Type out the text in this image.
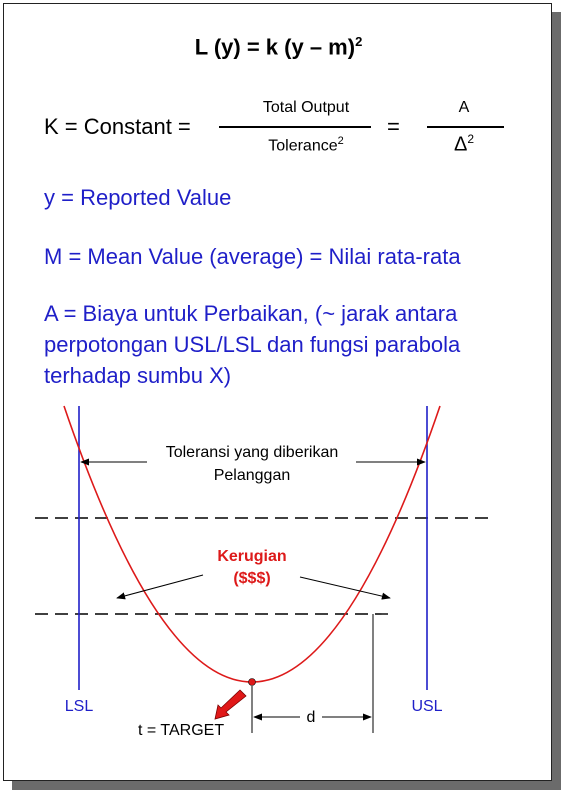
L (y) = k (y – m)$^2$
K = Constant =
Total Output
Tolerance$^2$
=
A
$\Delta^2$
y = Reported Value
M = Mean Value (average) = Nilai rata-rata
A = Biaya untuk Perbaikan, (~ jarak antara
perpotongan USL/LSL dan fungsi parabola
terhadap sumbu X)
Toleransi yang diberikan
Pelanggan
Kerugian
($$$)
d
LSL	USL
t = TARGET
